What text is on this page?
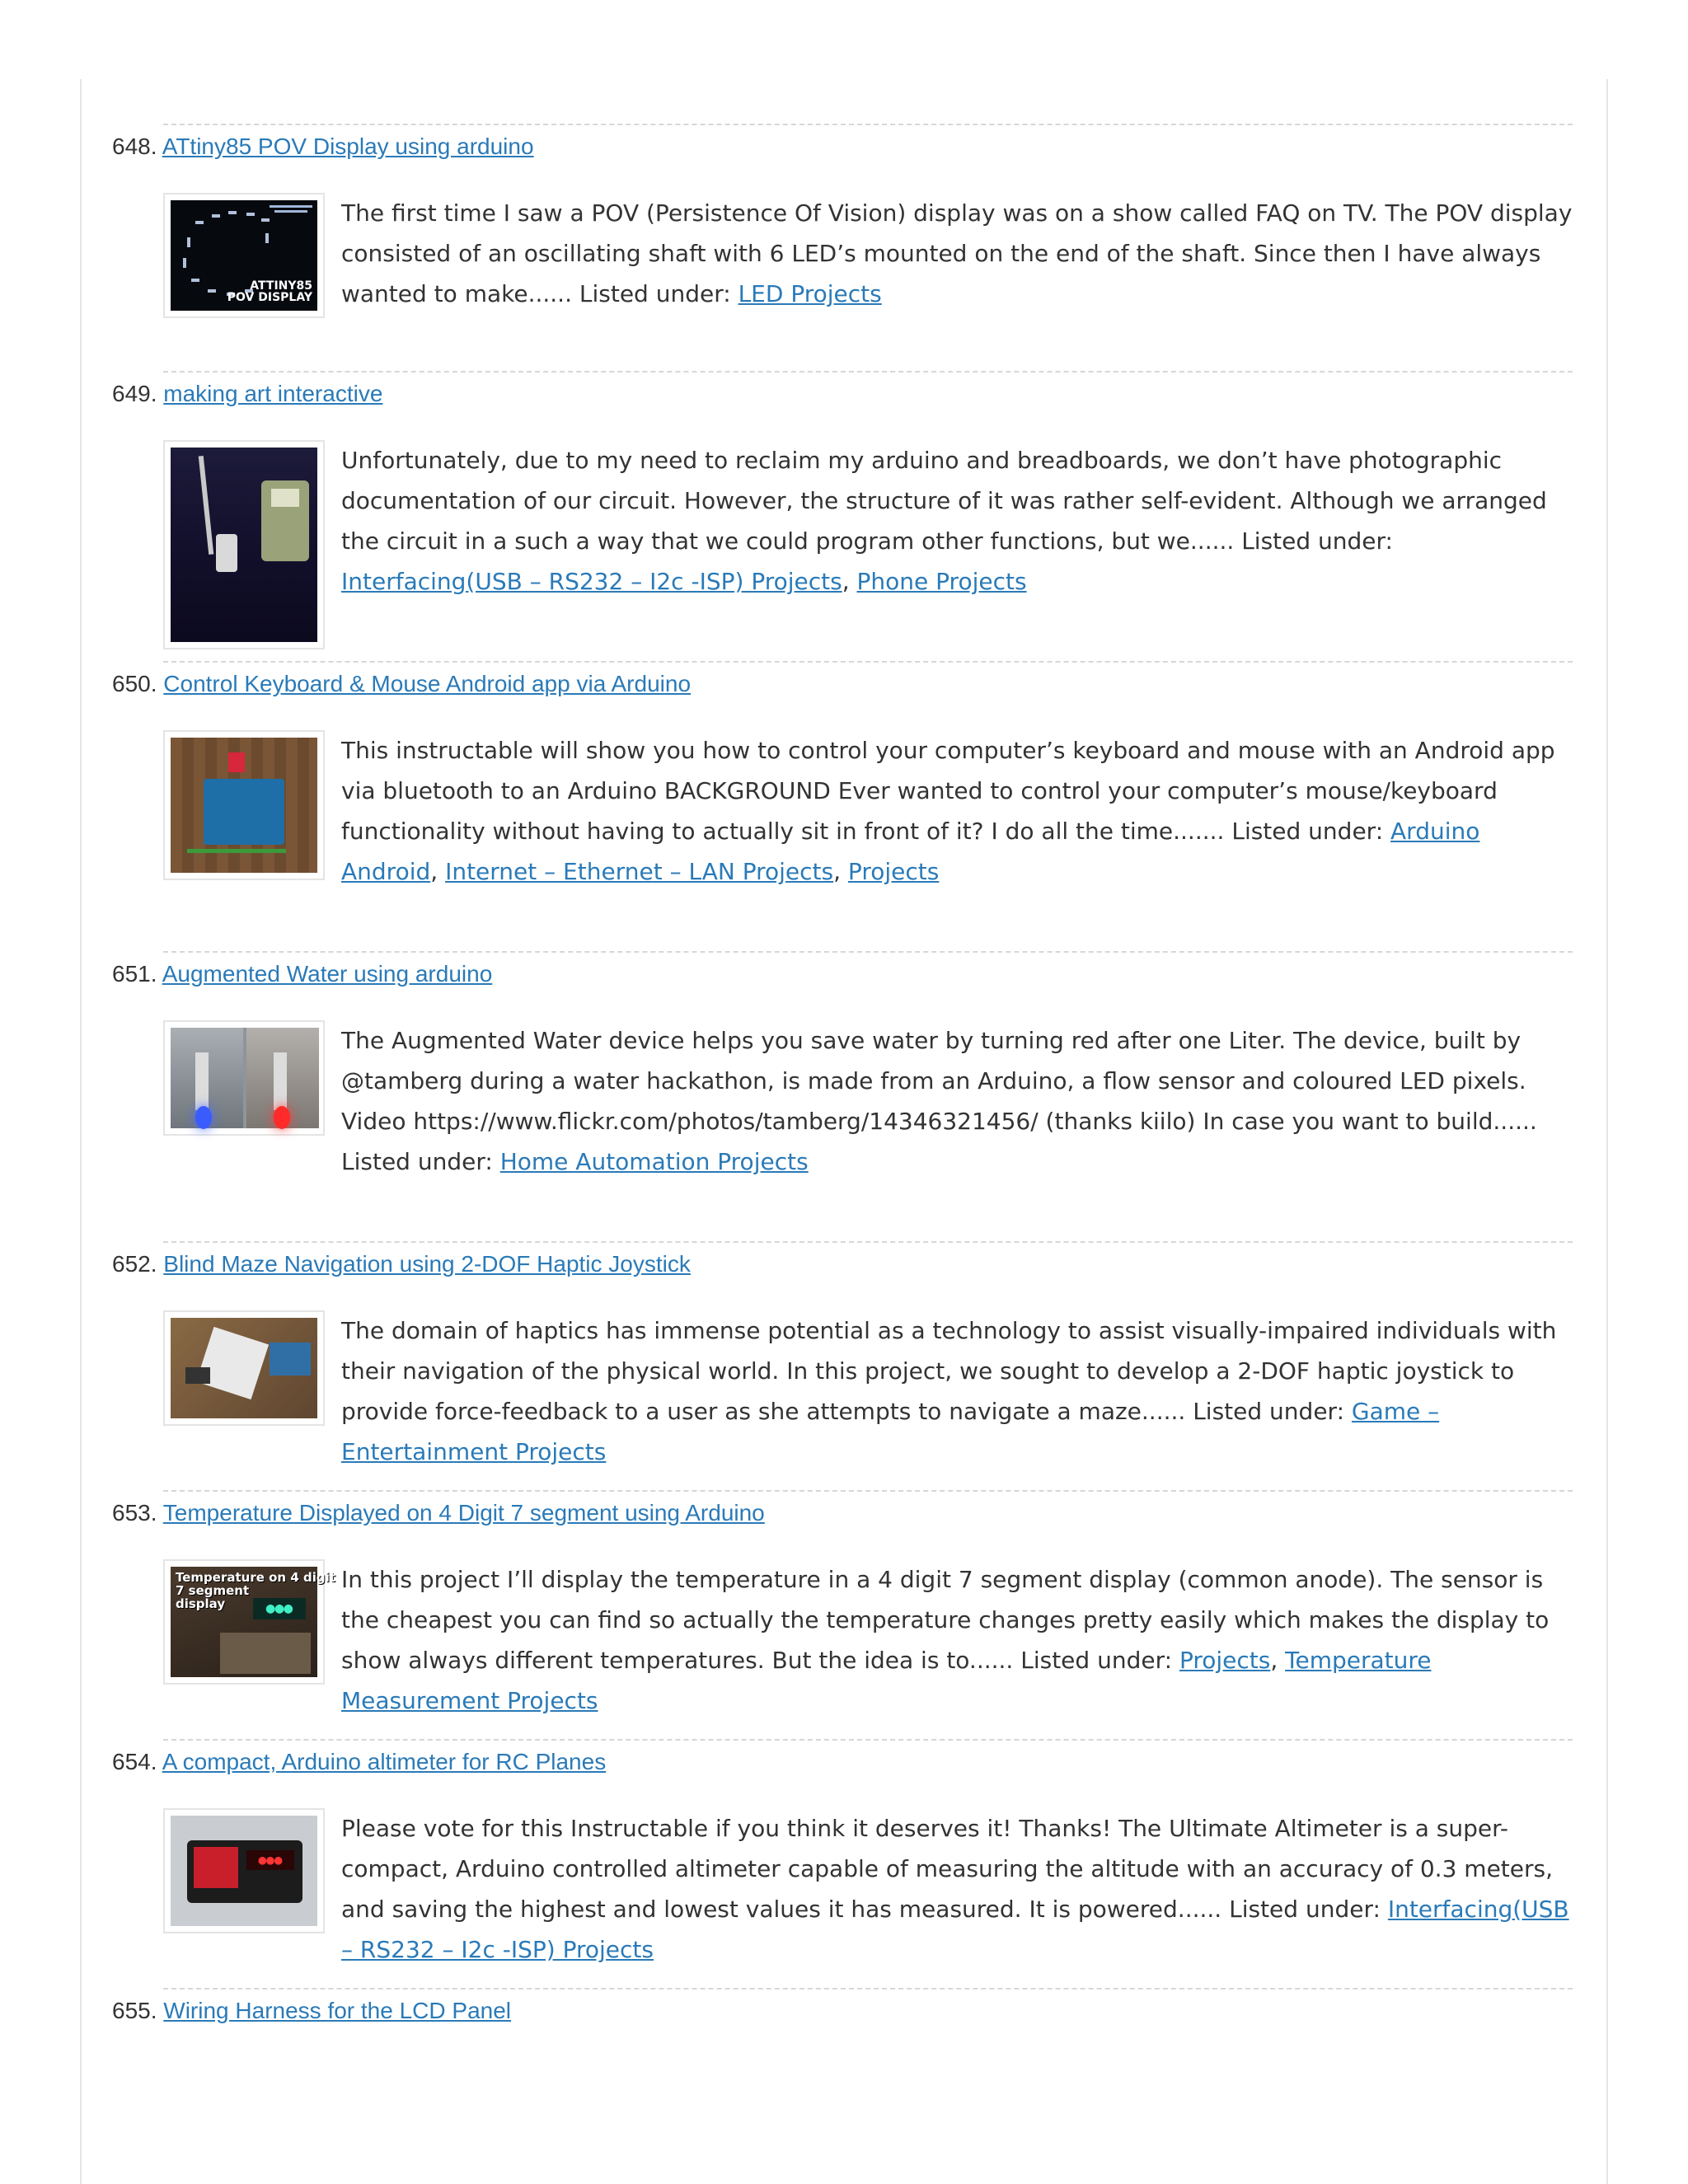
648. ATtiny85 POV Display using arduino
ATTINY85
POV DISPLAY
The first time I saw a POV (Persistence Of Vision) display was on a show called FAQ on TV. The POV display consisted of an oscillating shaft with 6 LED’s mounted on the end of the shaft. Since then I have always wanted to make...... Listed under: LED Projects
649. making art interactive
Unfortunately, due to my need to reclaim my arduino and breadboards, we don’t have photographic documentation of our circuit. However, the structure of it was rather self-evident. Although we arranged the circuit in a such a way that we could program other functions, but we...... Listed under: Interfacing(USB – RS232 – I2c -ISP) Projects, Phone Projects
650. Control Keyboard & Mouse Android app via Arduino
This instructable will show you how to control your computer’s keyboard and mouse with an Android app via bluetooth to an Arduino BACKGROUND Ever wanted to control your computer’s mouse/keyboard functionality without having to actually sit in front of it? I do all the time....... Listed under: Arduino Android, Internet – Ethernet – LAN Projects, Projects
651. Augmented Water using arduino
The Augmented Water device helps you save water by turning red after one Liter. The device, built by @tamberg during a water hackathon, is made from an Arduino, a flow sensor and coloured LED pixels. Video https://www.flickr.com/photos/tamberg/14346321456/ (thanks kiilo) In case you want to build...... Listed under: Home Automation Projects
652. Blind Maze Navigation using 2-DOF Haptic Joystick
The domain of haptics has immense potential as a technology to assist visually-impaired individuals with their navigation of the physical world. In this project, we sought to develop a 2-DOF haptic joystick to provide force-feedback to a user as she attempts to navigate a maze...... Listed under: Game – Entertainment Projects
653. Temperature Displayed on 4 Digit 7 segment using Arduino
●●●
Temperature on 4 digit
7 segment
display
In this project I’ll display the temperature in a 4 digit 7 segment display (common anode). The sensor is the cheapest you can find so actually the temperature changes pretty easily which makes the display to show always different temperatures. But the idea is to...... Listed under: Projects, Temperature Measurement Projects
654. A compact, Arduino altimeter for RC Planes
●●●
Please vote for this Instructable if you think it deserves it! Thanks! The Ultimate Altimeter is a super-compact, Arduino controlled altimeter capable of measuring the altitude with an accuracy of 0.3 meters, and saving the highest and lowest values it has measured. It is powered...... Listed under: Interfacing(USB – RS232 – I2c -ISP) Projects
655. Wiring Harness for the LCD Panel
